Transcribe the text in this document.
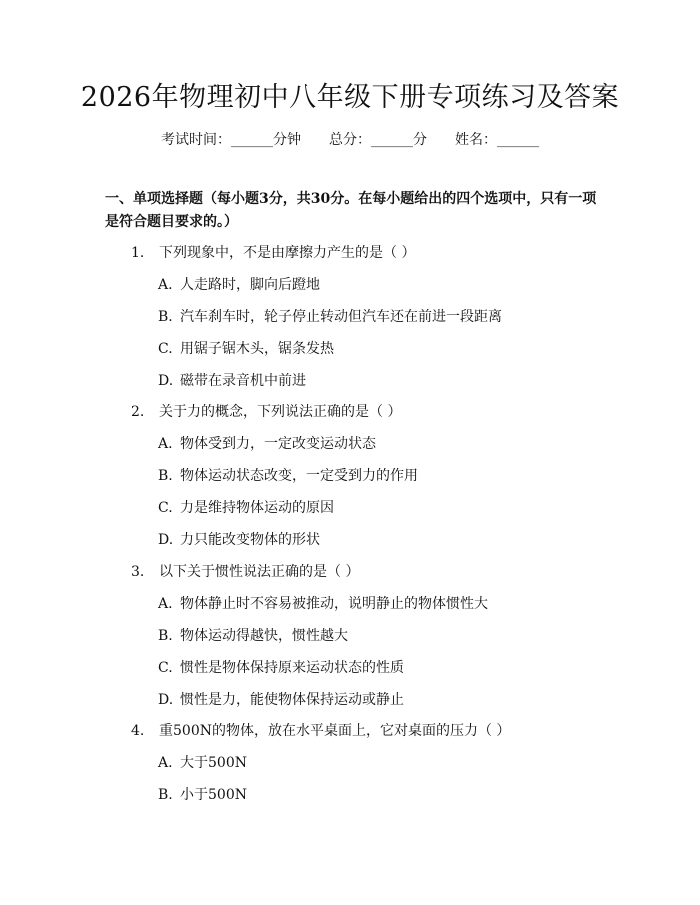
2026年物理初中八年级下册专项练习及答案
考试时间：______分钟 总分：______分 姓名：______
一、单项选择题（每小题3分，共30分。在每小题给出的四个选项中，只有一项是符合题目要求的。）
1. 下列现象中，不是由摩擦力产生的是（ ）
A. 人走路时，脚向后蹬地
B. 汽车刹车时，轮子停止转动但汽车还在前进一段距离
C. 用锯子锯木头，锯条发热
D. 磁带在录音机中前进
2. 关于力的概念，下列说法正确的是（ ）
A. 物体受到力，一定改变运动状态
B. 物体运动状态改变，一定受到力的作用
C. 力是维持物体运动的原因
D. 力只能改变物体的形状
3. 以下关于惯性说法正确的是（ ）
A. 物体静止时不容易被推动，说明静止的物体惯性大
B. 物体运动得越快，惯性越大
C. 惯性是物体保持原来运动状态的性质
D. 惯性是力，能使物体保持运动或静止
4. 重500N的物体，放在水平桌面上，它对桌面的压力（ ）
A. 大于500N
B. 小于500N
